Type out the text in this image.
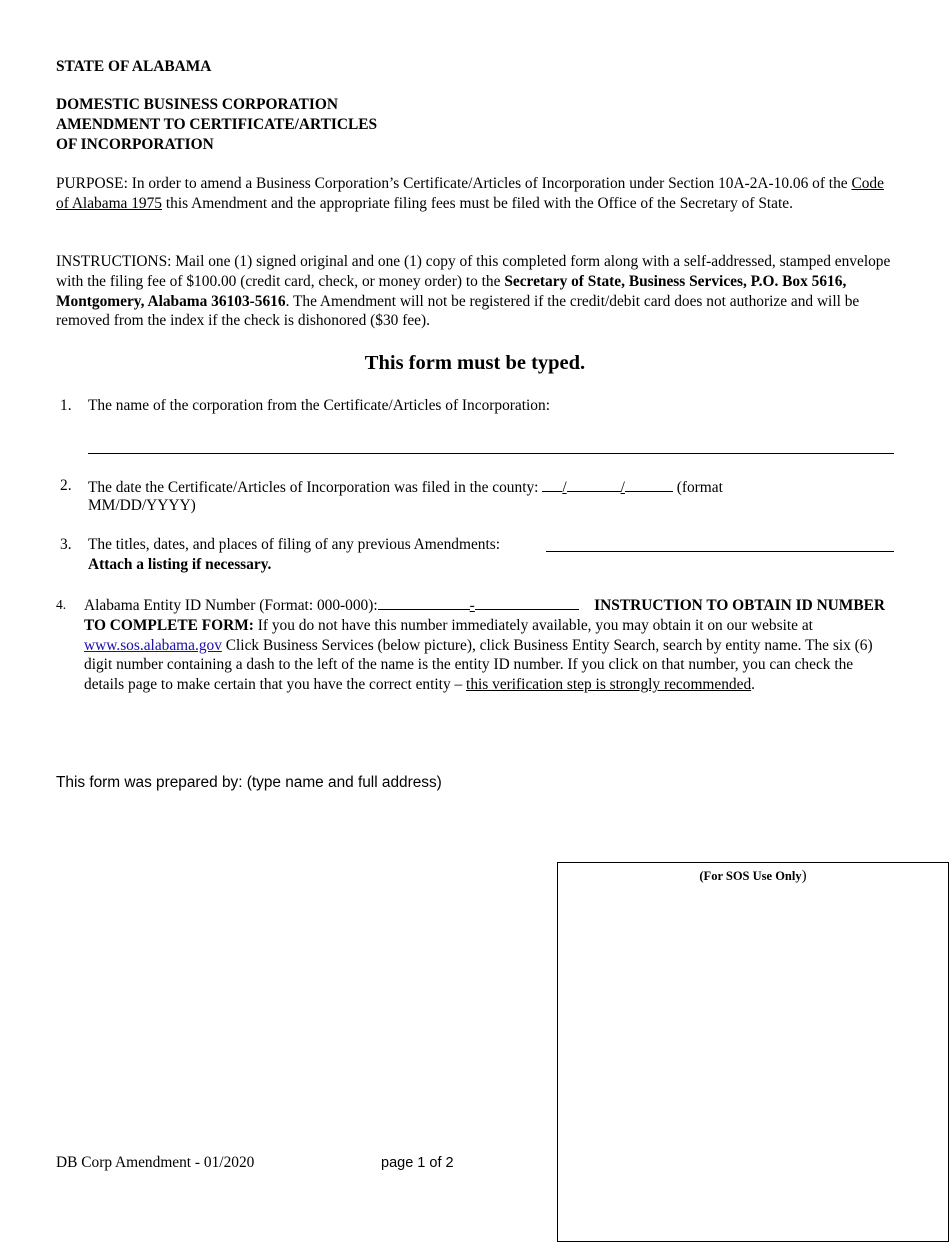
STATE OF ALABAMA
DOMESTIC BUSINESS CORPORATION
AMENDMENT TO CERTIFICATE/ARTICLES
OF INCORPORATION
PURPOSE: In order to amend a Business Corporation’s Certificate/Articles of Incorporation under Section 10A-2A-10.06 of the Code of Alabama 1975 this Amendment and the appropriate filing fees must be filed with the Office of the Secretary of State.
INSTRUCTIONS: Mail one (1) signed original and one (1) copy of this completed form along with a self-addressed, stamped envelope with the filing fee of $100.00 (credit card, check, or money order) to the Secretary of State, Business Services, P.O. Box 5616, Montgomery, Alabama 36103-5616. The Amendment will not be registered if the credit/debit card does not authorize and will be removed from the index if the check is dishonored ($30 fee).
This form must be typed.
1. The name of the corporation from the Certificate/Articles of Incorporation:
2. The date the Certificate/Articles of Incorporation was filed in the county: /	/	(format
MM/DD/YYYY)
3. The titles, dates, and places of filing of any previous Amendments:
Attach a listing if necessary.
4. Alabama Entity ID Number (Format: 000-000):	-	INSTRUCTION TO OBTAIN ID NUMBER TO COMPLETE FORM: If you do not have this number immediately available, you may obtain it on our website at www.sos.alabama.gov Click Business Services (below picture), click Business Entity Search, search by entity name. The six (6) digit number containing a dash to the left of the name is the entity ID number. If you click on that number, you can check the details page to make certain that you have the correct entity – this verification step is strongly recommended.
This form was prepared by: (type name and full address)
(For SOS Use Only)
DB Corp Amendment - 01/2020	page 1 of 2
